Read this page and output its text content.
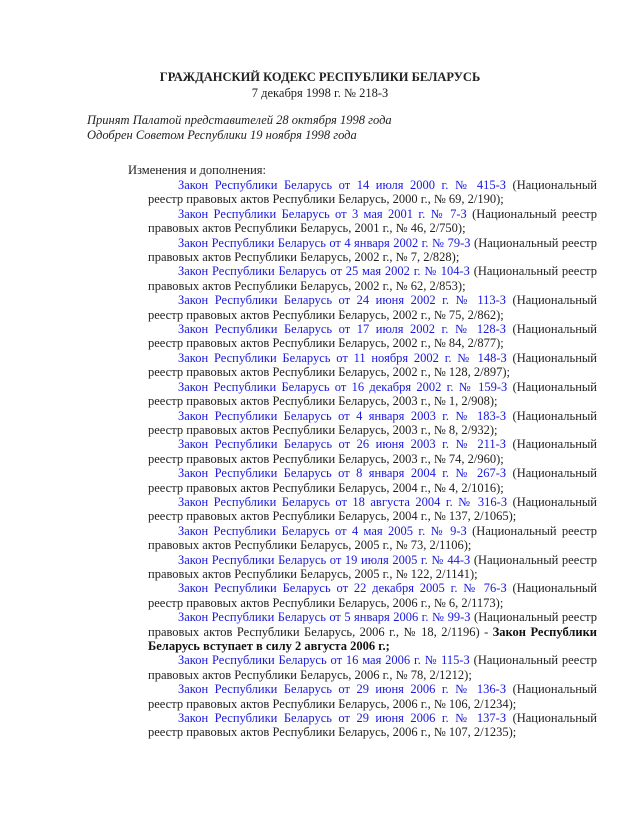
ГРАЖДАНСКИЙ КОДЕКС РЕСПУБЛИКИ БЕЛАРУСЬ
7 декабря 1998 г. № 218-З
Принят Палатой представителей 28 октября 1998 года
Одобрен Советом Республики 19 ноября 1998 года
Изменения и дополнения:

Закон Республики Беларусь от 14 июля 2000 г. № 415-З (Национальный реестр правовых актов Республики Беларусь, 2000 г., № 69, 2/190);

Закон Республики Беларусь от 3 мая 2001 г. № 7-З (Национальный реестр правовых актов Республики Беларусь, 2001 г., № 46, 2/750);

Закон Республики Беларусь от 4 января 2002 г. № 79-З (Национальный реестр правовых актов Республики Беларусь, 2002 г., № 7, 2/828);

Закон Республики Беларусь от 25 мая 2002 г. № 104-З (Национальный реестр правовых актов Республики Беларусь, 2002 г., № 62, 2/853);

Закон Республики Беларусь от 24 июня 2002 г. № 113-З (Национальный реестр правовых актов Республики Беларусь, 2002 г., № 75, 2/862);

Закон Республики Беларусь от 17 июля 2002 г. № 128-З (Национальный реестр правовых актов Республики Беларусь, 2002 г., № 84, 2/877);

Закон Республики Беларусь от 11 ноября 2002 г. № 148-З (Национальный реестр правовых актов Республики Беларусь, 2002 г., № 128, 2/897);

Закон Республики Беларусь от 16 декабря 2002 г. № 159-З (Национальный реестр правовых актов Республики Беларусь, 2003 г., № 1, 2/908);

Закон Республики Беларусь от 4 января 2003 г. № 183-З (Национальный реестр правовых актов Республики Беларусь, 2003 г., № 8, 2/932);

Закон Республики Беларусь от 26 июня 2003 г. № 211-З (Национальный реестр правовых актов Республики Беларусь, 2003 г., № 74, 2/960);

Закон Республики Беларусь от 8 января 2004 г. № 267-З (Национальный реестр правовых актов Республики Беларусь, 2004 г., № 4, 2/1016);

Закон Республики Беларусь от 18 августа 2004 г. № 316-З (Национальный реестр правовых актов Республики Беларусь, 2004 г., № 137, 2/1065);

Закон Республики Беларусь от 4 мая 2005 г. № 9-З (Национальный реестр правовых актов Республики Беларусь, 2005 г., № 73, 2/1106);

Закон Республики Беларусь от 19 июля 2005 г. № 44-З (Национальный реестр правовых актов Республики Беларусь, 2005 г., № 122, 2/1141);

Закон Республики Беларусь от 22 декабря 2005 г. № 76-З (Национальный реестр правовых актов Республики Беларусь, 2006 г., № 6, 2/1173);

Закон Республики Беларусь от 5 января 2006 г. № 99-З (Национальный реестр правовых актов Республики Беларусь, 2006 г., № 18, 2/1196) - Закон Республики Беларусь вступает в силу 2 августа 2006 г.;

Закон Республики Беларусь от 16 мая 2006 г. № 115-З (Национальный реестр правовых актов Республики Беларусь, 2006 г., № 78, 2/1212);

Закон Республики Беларусь от 29 июня 2006 г. № 136-З (Национальный реестр правовых актов Республики Беларусь, 2006 г., № 106, 2/1234);

Закон Республики Беларусь от 29 июня 2006 г. № 137-З (Национальный реестр правовых актов Республики Беларусь, 2006 г., № 107, 2/1235);
